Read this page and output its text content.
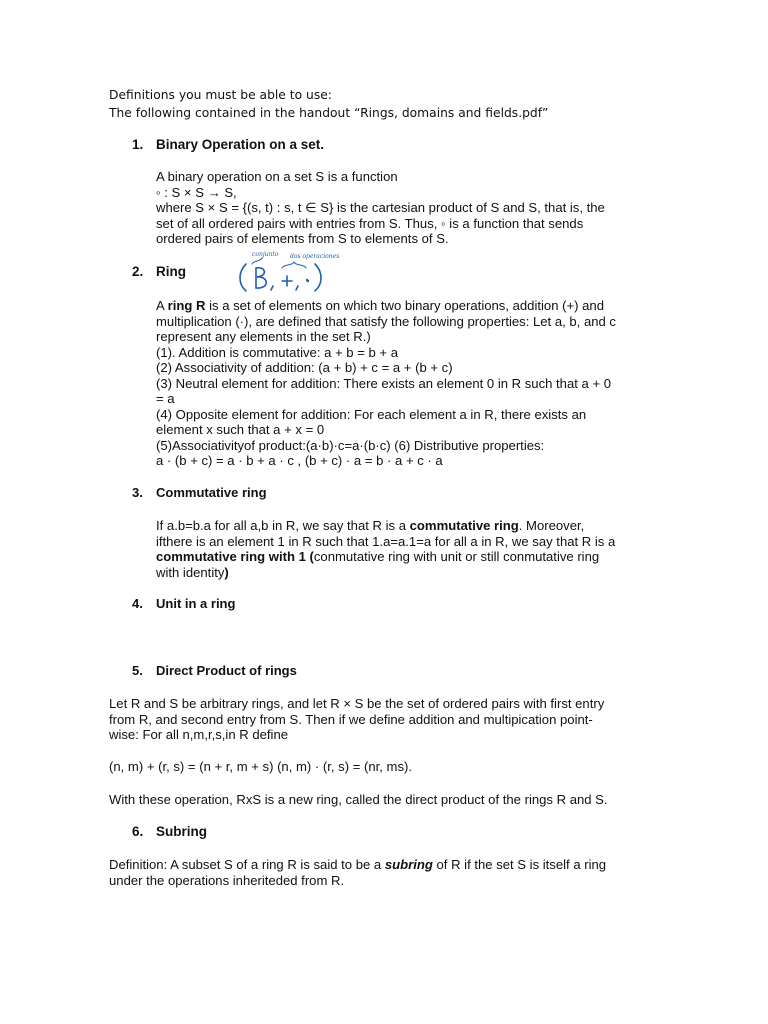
Definitions you must be able to use:
The following contained in the handout “Rings, domains and fields.pdf”
1. Binary Operation on a set.
A binary operation on a set S is a function
◦ : S × S → S,
where S × S = {(s, t) : s, t ∈ S} is the cartesian product of S and S, that is, the
set of all ordered pairs with entries from S. Thus, ◦ is a function that sends
ordered pairs of elements from S to elements of S.
2. Ring
conjunto dos operaciones
(B, +, ·)
A ring R is a set of elements on which two binary operations, addition (+) and
multiplication (·), are defined that satisfy the following properties: Let a, b, and c
represent any elements in the set R.)
(1). Addition is commutative: a + b = b + a
(2) Associativity of addition: (a + b) + c = a + (b + c)
(3) Neutral element for addition: There exists an element 0 in R such that a + 0
= a
(4) Opposite element for addition: For each element a in R, there exists an
element x such that a + x = 0
(5)Associativityof product:(a·b)·c=a·(b·c) (6) Distributive properties:
a · (b + c) = a · b + a · c , (b + c) · a = b · a + c · a
3. Commutative ring
If a.b=b.a for all a,b in R, we say that R is a commutative ring. Moreover,
ifthere is an element 1 in R such that 1.a=a.1=a for all a in R, we say that R is a
commutative ring with 1 (conmutative ring with unit or still conmutative ring
with identity)
4. Unit in a ring
5. Direct Product of rings
Let R and S be arbitrary rings, and let R × S be the set of ordered pairs with first entry
from R, and second entry from S. Then if we define addition and multipication point-
wise: For all n,m,r,s,in R define
(n, m) + (r, s) = (n + r, m + s) (n, m) · (r, s) = (nr, ms).
With these operation, RxS is a new ring, called the direct product of the rings R and S.
6. Subring
Definition: A subset S of a ring R is said to be a subring of R if the set S is itself a ring
under the operations inheriteded from R.
